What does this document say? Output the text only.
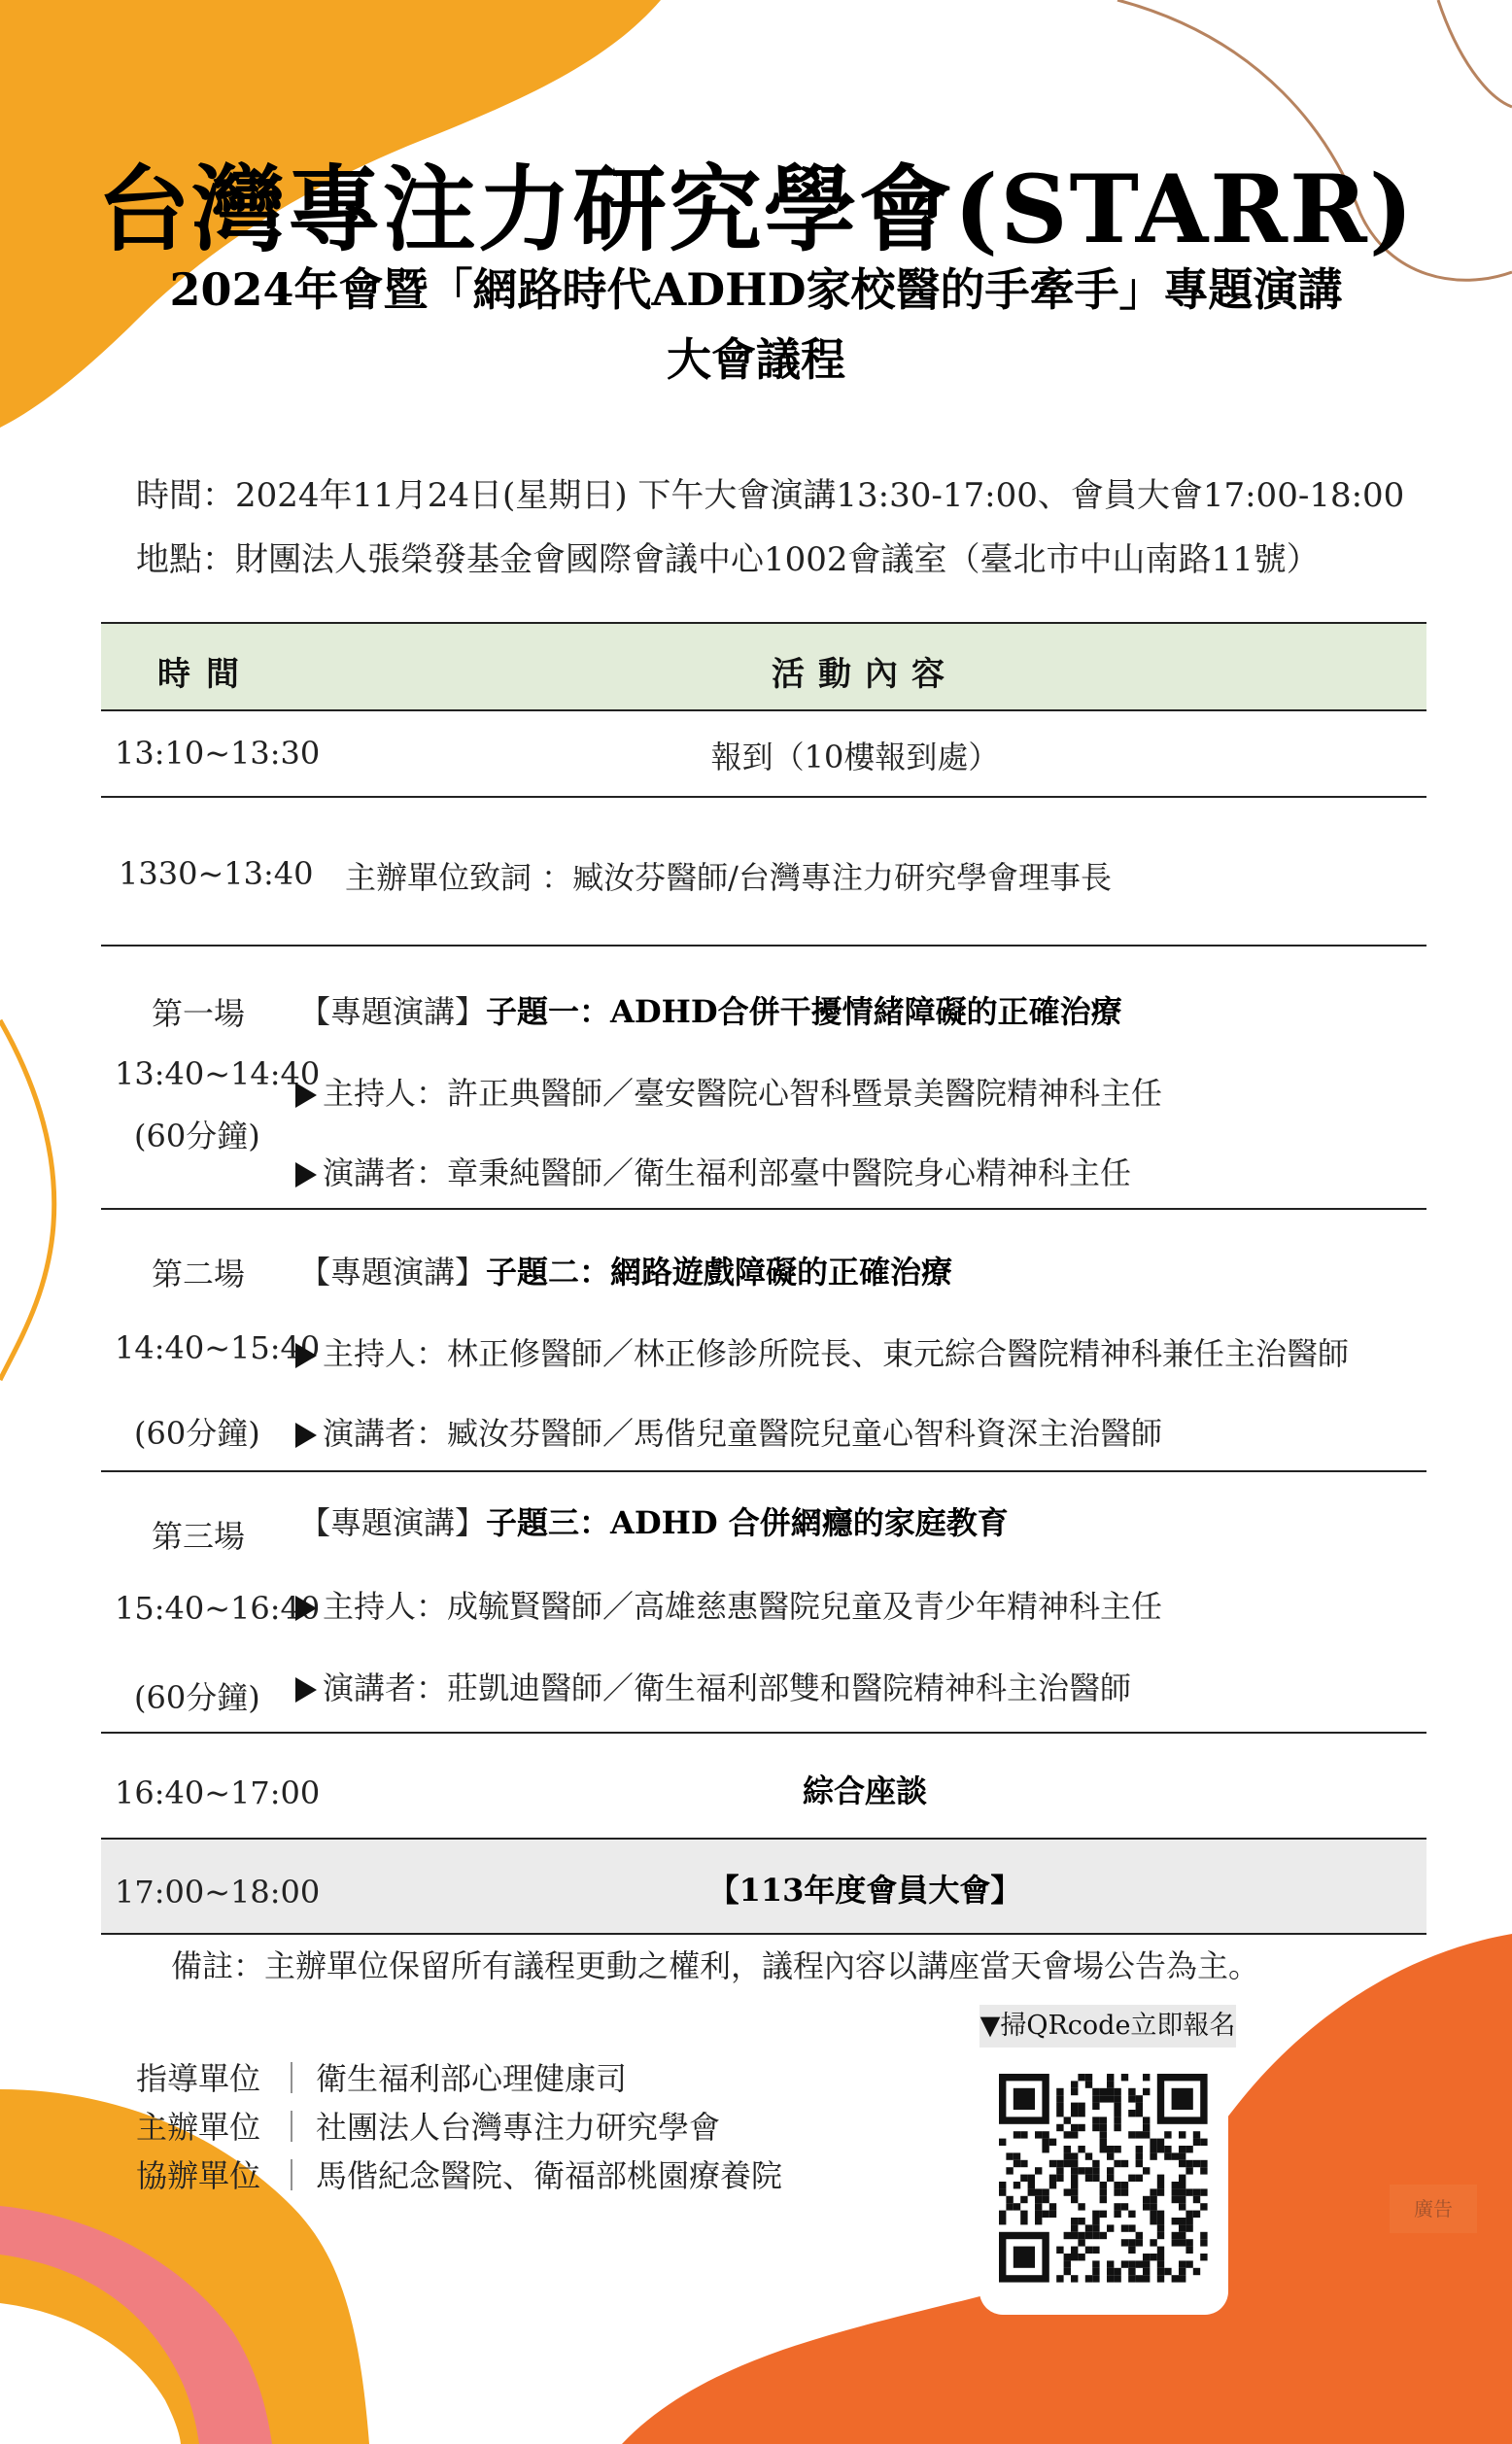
台灣專注力研究學會(STARR)
2024年會暨「網路時代ADHD家校醫的手牽手」專題演講
大會議程
時間：2024年11月24日(星期日) 下午大會演講13:30-17:00、會員大會17:00-18:00
地點：財團法人張榮發基金會國際會議中心1002會議室（臺北市中山南路11號）
時間	活動內容
13:10~13:30	報到（10樓報到處）
1330~13:40 主辦單位致詞 ：臧汝芬醫師/台灣專注力研究學會理事長
第一場 【專題演講】子題一：ADHD合併干擾情緒障礙的正確治療
13:40~14:40
(60分鐘)
主持人：許正典醫師／臺安醫院心智科暨景美醫院精神科主任
演講者：章秉純醫師／衛生福利部臺中醫院身心精神科主任
第二場 【專題演講】子題二：網路遊戲障礙的正確治療
14:40~15:40 主持人：林正修醫師／林正修診所院長、東元綜合醫院精神科兼任主治醫師
(60分鐘)	演講者：臧汝芬醫師／馬偕兒童醫院兒童心智科資深主治醫師
第三場 【專題演講】子題三：ADHD 合併網癮的家庭教育
15:40~16:40 主持人：成毓賢醫師／高雄慈惠醫院兒童及青少年精神科主任
(60分鐘)	演講者：莊凱迪醫師／衛生福利部雙和醫院精神科主治醫師
16:40~17:00	綜合座談
17:00~18:00	【113年度會員大會】
備註：主辦單位保留所有議程更動之權利，議程內容以講座當天會場公告為主。
指導單位 ｜ 衛生福利部心理健康司
主辦單位 ｜ 社團法人台灣專注力研究學會
協辦單位 ｜ 馬偕紀念醫院、衛福部桃園療養院
▼掃QRcode立即報名
廣告
